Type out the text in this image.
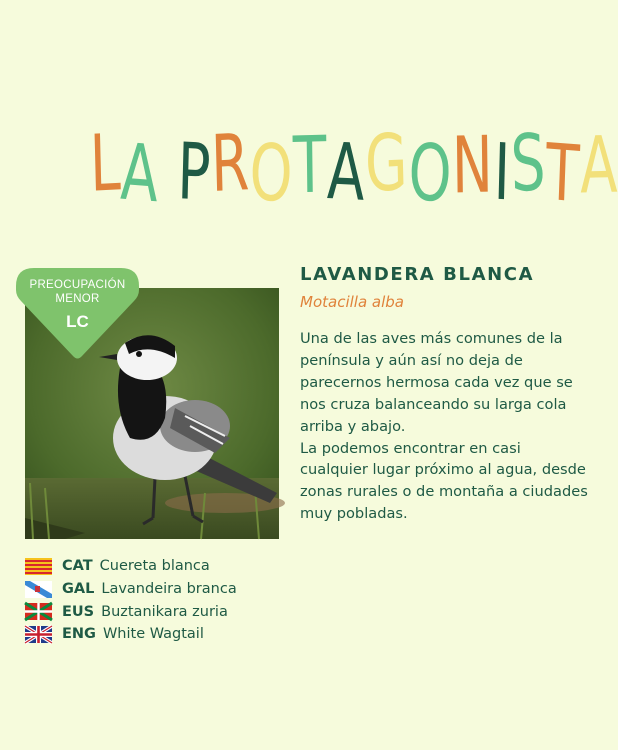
LA PROTAGONISTA
PREOCUPACIÓN
MENOR
LC
LAVANDERA BLANCA
Motacilla alba

Una de las aves más comunes de la península y aún así no deja de parecernos hermosa cada vez que se nos cruza balanceando su larga cola arriba y abajo.

La podemos encontrar en casi cualquier lugar próximo al agua, desde zonas rurales o de montaña a ciudades muy pobladas.

CAT Cuereta blanca
GAL Lavandeira branca
EUS Buztanikara zuria
ENG White Wagtail
